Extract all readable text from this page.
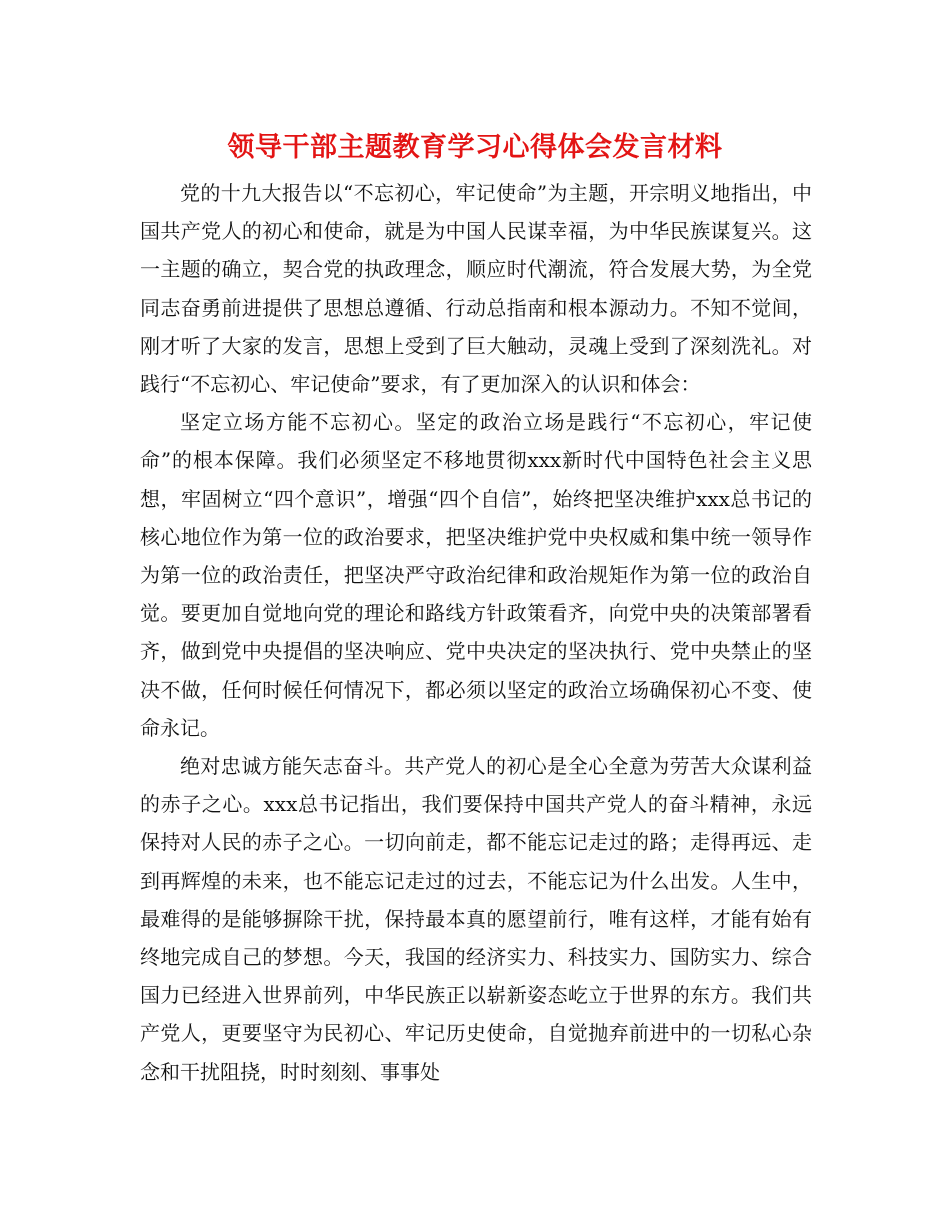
领导干部主题教育学习心得体会发言材料

党的十九大报告以“不忘初心，牢记使命”为主题，开宗明义地指出，中国共产党人的初心和使命，就是为中国人民谋幸福，为中华民族谋复兴。这一主题的确立，契合党的执政理念，顺应时代潮流，符合发展大势，为全党同志奋勇前进提供了思想总遵循、行动总指南和根本源动力。不知不觉间，刚才听了大家的发言，思想上受到了巨大触动，灵魂上受到了深刻洗礼。对践行“不忘初心、牢记使命”要求，有了更加深入的认识和体会：

坚定立场方能不忘初心。坚定的政治立场是践行“不忘初心，牢记使命”的根本保障。我们必须坚定不移地贯彻xxx新时代中国特色社会主义思想，牢固树立“四个意识”，增强“四个自信”，始终把坚决维护xxx总书记的核心地位作为第一位的政治要求，把坚决维护党中央权威和集中统一领导作为第一位的政治责任，把坚决严守政治纪律和政治规矩作为第一位的政治自觉。要更加自觉地向党的理论和路线方针政策看齐，向党中央的决策部署看齐，做到党中央提倡的坚决响应、党中央决定的坚决执行、党中央禁止的坚决不做，任何时候任何情况下，都必须以坚定的政治立场确保初心不变、使命永记。

绝对忠诚方能矢志奋斗。共产党人的初心是全心全意为劳苦大众谋利益的赤子之心。xxx总书记指出，我们要保持中国共产党人的奋斗精神，永远保持对人民的赤子之心。一切向前走，都不能忘记走过的路；走得再远、走到再辉煌的未来，也不能忘记走过的过去，不能忘记为什么出发。人生中，最难得的是能够摒除干扰，保持最本真的愿望前行，唯有这样，才能有始有终地完成自己的梦想。今天，我国的经济实力、科技实力、国防实力、综合国力已经进入世界前列，中华民族正以崭新姿态屹立于世界的东方。我们共产党人，更要坚守为民初心、牢记历史使命，自觉抛弃前进中的一切私心杂念和干扰阻挠，时时刻刻、事事处
